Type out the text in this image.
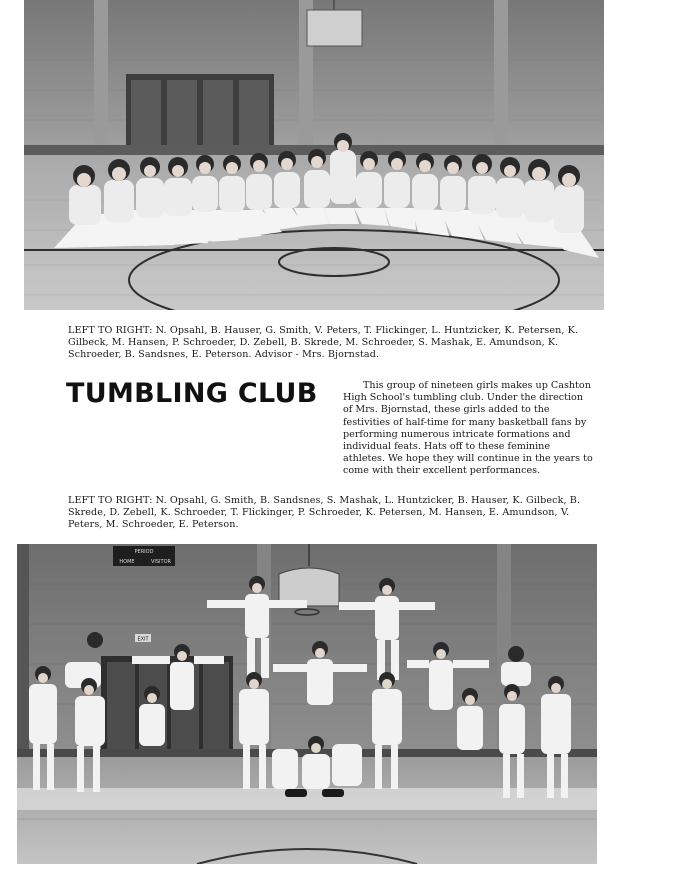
LEFT TO RIGHT: N. Opsahl, B. Hauser, G. Smith, V. Peters, T. Flickinger, L. Huntzicker, K. Petersen, K. Gilbeck, M. Hansen, P. Schroeder, D. Zebell, B. Skrede, M. Schroeder, S. Mashak, E. Amundson, K. Schroeder, B. Sandsnes, E. Peterson. Advisor - Mrs. Bjornstad.

TUMBLING CLUB	This group of nineteen girls makes up Cashton High School's tumbling club. Under the direction of Mrs. Bjornstad, these girls added to the festivities of half-time for many basketball fans by performing numerous intricate formations and individual feats. Hats off to these feminine athletes. We hope they will continue in the years to come with their excellent performances.

LEFT TO RIGHT: N. Opsahl, G. Smith, B. Sandsnes, S. Mashak, L. Huntzicker, B. Hauser, K. Gilbeck, B. Skrede, D. Zebell, K. Schroeder, T. Flickinger, P. Schroeder, K. Petersen, M. Hansen, E. Amundson, V. Peters, M. Schroeder, E. Peterson.

PERIOD
HOME	VISITOR
EXIT
